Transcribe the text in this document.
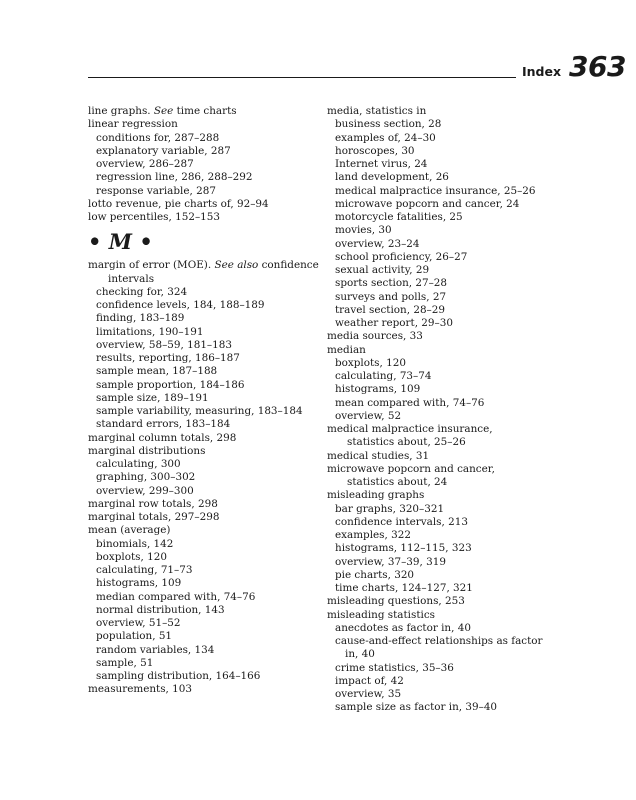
Index 363
line graphs. See time charts
linear regression
conditions for, 287–288
explanatory variable, 287
overview, 286–287
regression line, 286, 288–292
response variable, 287
lotto revenue, pie charts of, 92–94
low percentiles, 152–153
• M •
margin of error (MOE). See also confidence
intervals
checking for, 324
confidence levels, 184, 188–189
finding, 183–189
limitations, 190–191
overview, 58–59, 181–183
results, reporting, 186–187
sample mean, 187–188
sample proportion, 184–186
sample size, 189–191
sample variability, measuring, 183–184
standard errors, 183–184
marginal column totals, 298
marginal distributions
calculating, 300
graphing, 300–302
overview, 299–300
marginal row totals, 298
marginal totals, 297–298
mean (average)
binomials, 142
boxplots, 120
calculating, 71–73
histograms, 109
median compared with, 74–76
normal distribution, 143
overview, 51–52
population, 51
random variables, 134
sample, 51
sampling distribution, 164–166
measurements, 103
media, statistics in
business section, 28
examples of, 24–30
horoscopes, 30
Internet virus, 24
land development, 26
medical malpractice insurance, 25–26
microwave popcorn and cancer, 24
motorcycle fatalities, 25
movies, 30
overview, 23–24
school proficiency, 26–27
sexual activity, 29
sports section, 27–28
surveys and polls, 27
travel section, 28–29
weather report, 29–30
media sources, 33
median
boxplots, 120
calculating, 73–74
histograms, 109
mean compared with, 74–76
overview, 52
medical malpractice insurance,
statistics about, 25–26
medical studies, 31
microwave popcorn and cancer,
statistics about, 24
misleading graphs
bar graphs, 320–321
confidence intervals, 213
examples, 322
histograms, 112–115, 323
overview, 37–39, 319
pie charts, 320
time charts, 124–127, 321
misleading questions, 253
misleading statistics
anecdotes as factor in, 40
cause-and-effect relationships as factor
in, 40
crime statistics, 35–36
impact of, 42
overview, 35
sample size as factor in, 39–40
